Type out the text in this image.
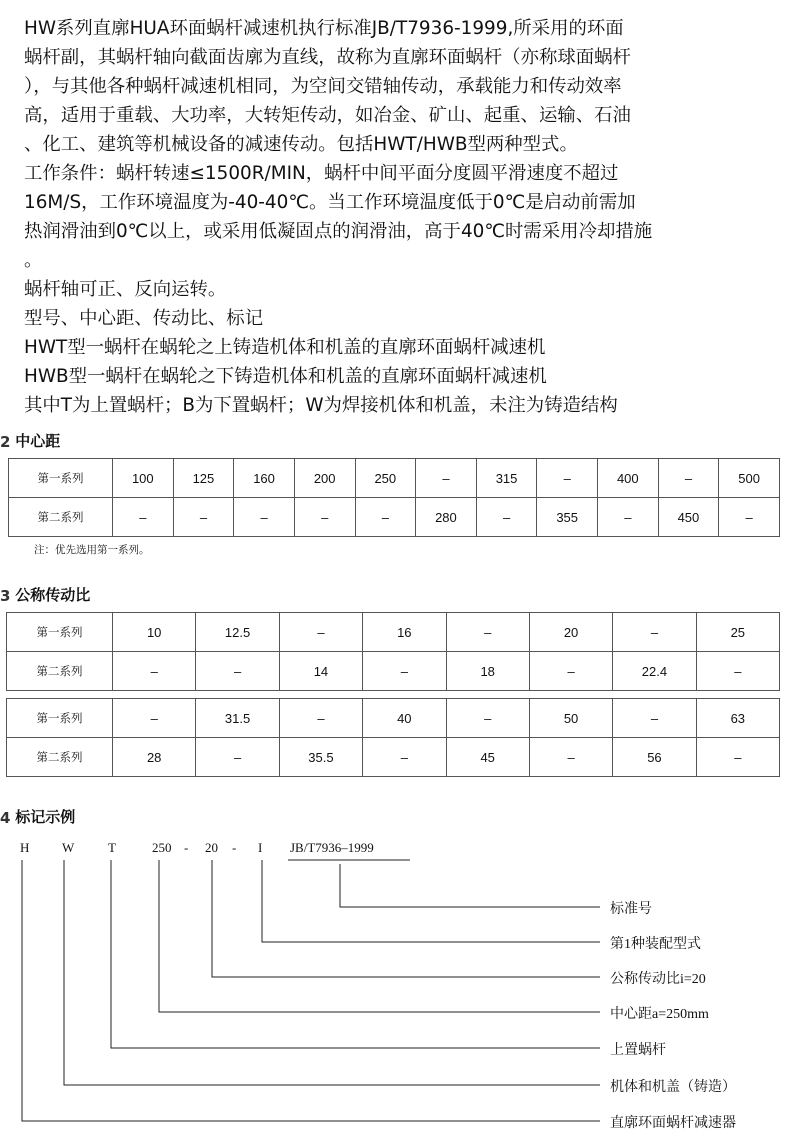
HW系列直廓HUA环面蜗杆减速机执行标准JB/T7936-1999,所采用的环面

蜗杆副，其蜗杆轴向截面齿廓为直线，故称为直廓环面蜗杆（亦称球面蜗杆

），与其他各种蜗杆减速机相同，为空间交错轴传动，承载能力和传动效率

高，适用于重载、大功率，大转矩传动，如冶金、矿山、起重、运输、石油

、化工、建筑等机械设备的减速传动。包括HWT/HWB型两种型式。

工作条件：蜗杆转速≤1500R/MIN，蜗杆中间平面分度圆平滑速度不超过

16M/S，工作环境温度为-40-40℃。当工作环境温度低于0℃是启动前需加

热润滑油到0℃以上，或采用低凝固点的润滑油，高于40℃时需采用冷却措施

。

蜗杆轴可正、反向运转。

型号、中心距、传动比、标记

HWT型一蜗杆在蜗轮之上铸造机体和机盖的直廓环面蜗杆减速机

HWB型一蜗杆在蜗轮之下铸造机体和机盖的直廓环面蜗杆减速机

其中T为上置蜗杆；B为下置蜗杆；W为焊接机体和机盖，未注为铸造结构

2 中心距
第一系列	100	125	160	200	250	–	315	–	400	–	500
第二系列	–	–	–	–	–	280	–	355	–	450	–
注：优先选用第一系列。
3 公称传动比
第一系列	10	12.5	–	16	–	20	–	25
第二系列	–	–	14	–	18	–	22.4	–
第一系列	–	31.5	–	40	–	50	–	63
第二系列	28	–	35.5	–	45	–	56	–
4 标记示例
H	W	T	250 - 20 - I JB/T7936–1999
标准号
第1种装配型式
公称传动比i=20
中心距a=250mm
上置蜗杆
机体和机盖（铸造）
直廓环面蜗杆减速器
